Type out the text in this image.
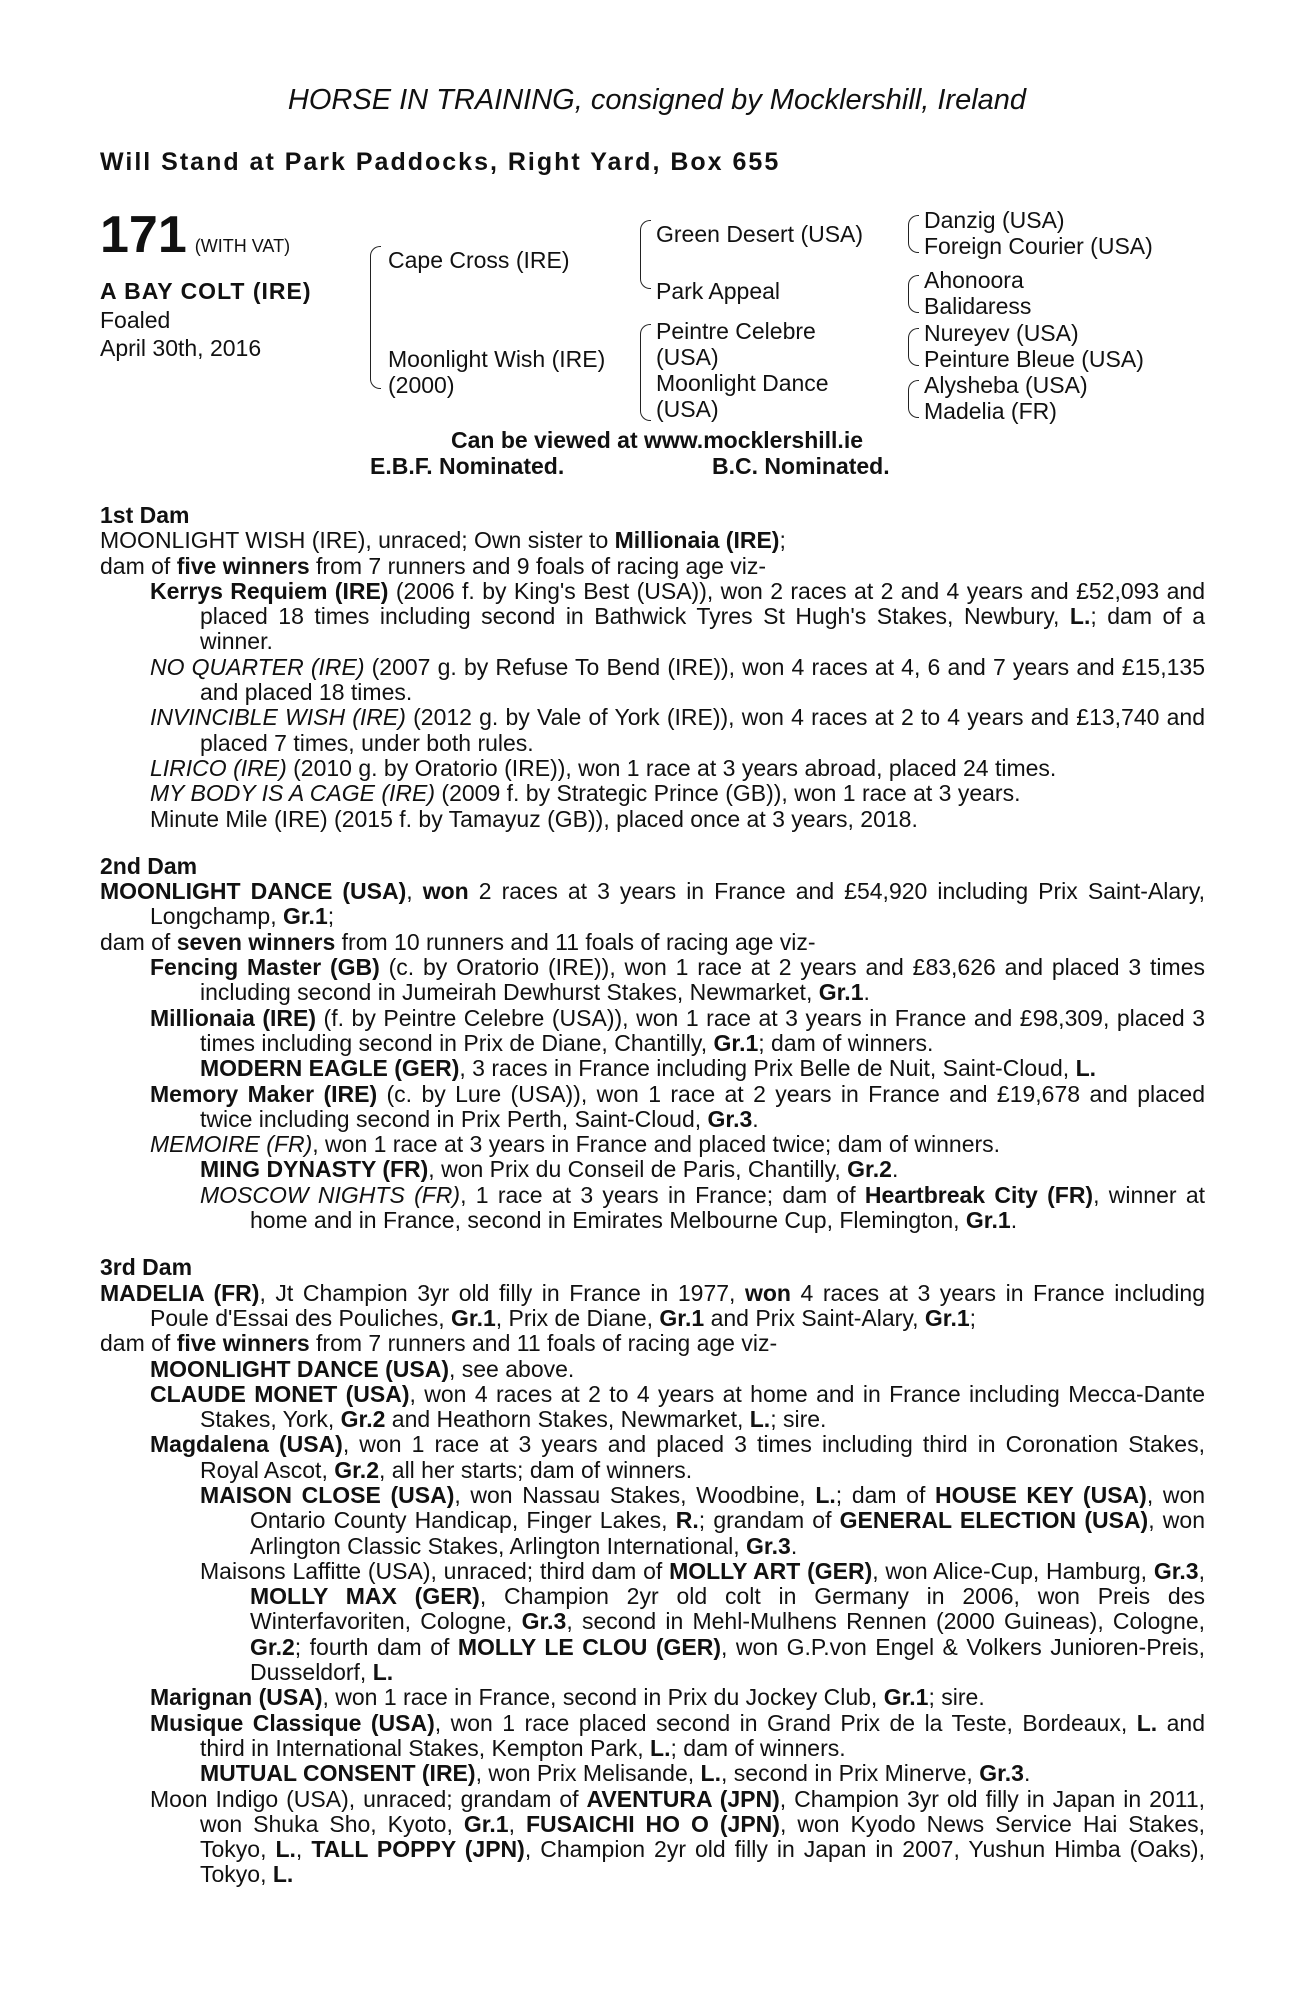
HORSE IN TRAINING, consigned by Mocklershill, Ireland
Will Stand at Park Paddocks, Right Yard, Box 655
171 (WITH VAT)
A BAY COLT (IRE)
Foaled
April 30th, 2016
Cape Cross (IRE)
Moonlight Wish (IRE)
(2000)
Green Desert (USA)
Park Appeal
Peintre Celebre
(USA)
Moonlight Dance
(USA)
Danzig (USA)
Foreign Courier (USA)
Ahonoora
Balidaress
Nureyev (USA)
Peinture Bleue (USA)
Alysheba (USA)
Madelia (FR)
Can be viewed at www.mocklershill.ie
E.B.F. Nominated.	B.C. Nominated.
1st Dam
MOONLIGHT WISH (IRE), unraced; Own sister to Millionaia (IRE);
dam of five winners from 7 runners and 9 foals of racing age viz-
Kerrys Requiem (IRE) (2006 f. by King's Best (USA)), won 2 races at 2 and 4 years and £52,093 and placed 18 times including second in Bathwick Tyres St Hugh's Stakes, Newbury, L.; dam of a winner.
NO QUARTER (IRE) (2007 g. by Refuse To Bend (IRE)), won 4 races at 4, 6 and 7 years and £15,135 and placed 18 times.
INVINCIBLE WISH (IRE) (2012 g. by Vale of York (IRE)), won 4 races at 2 to 4 years and £13,740 and placed 7 times, under both rules.
LIRICO (IRE) (2010 g. by Oratorio (IRE)), won 1 race at 3 years abroad, placed 24 times.
MY BODY IS A CAGE (IRE) (2009 f. by Strategic Prince (GB)), won 1 race at 3 years.
Minute Mile (IRE) (2015 f. by Tamayuz (GB)), placed once at 3 years, 2018.
2nd Dam
MOONLIGHT DANCE (USA), won 2 races at 3 years in France and £54,920 including Prix Saint-Alary, Longchamp, Gr.1;
dam of seven winners from 10 runners and 11 foals of racing age viz-
Fencing Master (GB) (c. by Oratorio (IRE)), won 1 race at 2 years and £83,626 and placed 3 times including second in Jumeirah Dewhurst Stakes, Newmarket, Gr.1.
Millionaia (IRE) (f. by Peintre Celebre (USA)), won 1 race at 3 years in France and £98,309, placed 3 times including second in Prix de Diane, Chantilly, Gr.1; dam of winners.
MODERN EAGLE (GER), 3 races in France including Prix Belle de Nuit, Saint-Cloud, L.
Memory Maker (IRE) (c. by Lure (USA)), won 1 race at 2 years in France and £19,678 and placed twice including second in Prix Perth, Saint-Cloud, Gr.3.
MEMOIRE (FR), won 1 race at 3 years in France and placed twice; dam of winners.
MING DYNASTY (FR), won Prix du Conseil de Paris, Chantilly, Gr.2.
MOSCOW NIGHTS (FR), 1 race at 3 years in France; dam of Heartbreak City (FR), winner at home and in France, second in Emirates Melbourne Cup, Flemington, Gr.1.
3rd Dam
MADELIA (FR), Jt Champion 3yr old filly in France in 1977, won 4 races at 3 years in France including Poule d'Essai des Pouliches, Gr.1, Prix de Diane, Gr.1 and Prix Saint-Alary, Gr.1;
dam of five winners from 7 runners and 11 foals of racing age viz-
MOONLIGHT DANCE (USA), see above.
CLAUDE MONET (USA), won 4 races at 2 to 4 years at home and in France including Mecca-Dante Stakes, York, Gr.2 and Heathorn Stakes, Newmarket, L.; sire.
Magdalena (USA), won 1 race at 3 years and placed 3 times including third in Coronation Stakes, Royal Ascot, Gr.2, all her starts; dam of winners.
MAISON CLOSE (USA), won Nassau Stakes, Woodbine, L.; dam of HOUSE KEY (USA), won Ontario County Handicap, Finger Lakes, R.; grandam of GENERAL ELECTION (USA), won Arlington Classic Stakes, Arlington International, Gr.3.
Maisons Laffitte (USA), unraced; third dam of MOLLY ART (GER), won Alice-Cup, Hamburg, Gr.3, MOLLY MAX (GER), Champion 2yr old colt in Germany in 2006, won Preis des Winterfavoriten, Cologne, Gr.3, second in Mehl-Mulhens Rennen (2000 Guineas), Cologne, Gr.2; fourth dam of MOLLY LE CLOU (GER), won G.P.von Engel & Volkers Junioren-Preis, Dusseldorf, L.
Marignan (USA), won 1 race in France, second in Prix du Jockey Club, Gr.1; sire.
Musique Classique (USA), won 1 race placed second in Grand Prix de la Teste, Bordeaux, L. and third in International Stakes, Kempton Park, L.; dam of winners.
MUTUAL CONSENT (IRE), won Prix Melisande, L., second in Prix Minerve, Gr.3.
Moon Indigo (USA), unraced; grandam of AVENTURA (JPN), Champion 3yr old filly in Japan in 2011, won Shuka Sho, Kyoto, Gr.1, FUSAICHI HO O (JPN), won Kyodo News Service Hai Stakes, Tokyo, L., TALL POPPY (JPN), Champion 2yr old filly in Japan in 2007, Yushun Himba (Oaks), Tokyo, L.
